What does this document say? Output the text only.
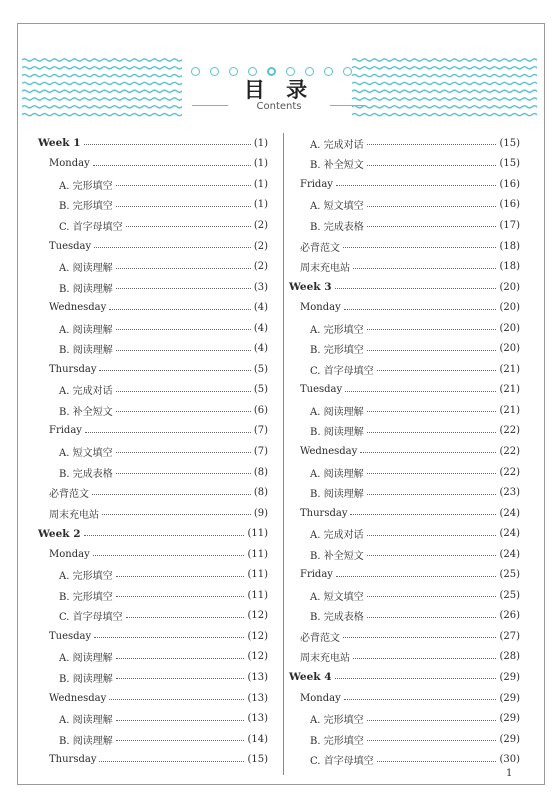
目 录
Contents
Week 1	(1)
Monday	(1)
A. 完形填空	(1)
B. 完形填空	(1)
C. 首字母填空	(2)
Tuesday	(2)
A. 阅读理解	(2)
B. 阅读理解	(3)
Wednesday	(4)
A. 阅读理解	(4)
B. 阅读理解	(4)
Thursday	(5)
A. 完成对话	(5)
B. 补全短文	(6)
Friday	(7)
A. 短文填空	(7)
B. 完成表格	(8)
必背范文	(8)
周末充电站	(9)
Week 2	(11)
Monday	(11)
A. 完形填空	(11)
B. 完形填空	(11)
C. 首字母填空	(12)
Tuesday	(12)
A. 阅读理解	(12)
B. 阅读理解	(13)
Wednesday	(13)
A. 阅读理解	(13)
B. 阅读理解	(14)
Thursday	(15)
A. 完成对话	(15)
B. 补全短文	(15)
Friday	(16)
A. 短文填空	(16)
B. 完成表格	(17)
必背范文	(18)
周末充电站	(18)
Week 3	(20)
Monday	(20)
A. 完形填空	(20)
B. 完形填空	(20)
C. 首字母填空	(21)
Tuesday	(21)
A. 阅读理解	(21)
B. 阅读理解	(22)
Wednesday	(22)
A. 阅读理解	(22)
B. 阅读理解	(23)
Thursday	(24)
A. 完成对话	(24)
B. 补全短文	(24)
Friday	(25)
A. 短文填空	(25)
B. 完成表格	(26)
必背范文	(27)
周末充电站	(28)
Week 4	(29)
Monday	(29)
A. 完形填空	(29)
B. 完形填空	(29)
C. 首字母填空	(30)
1
